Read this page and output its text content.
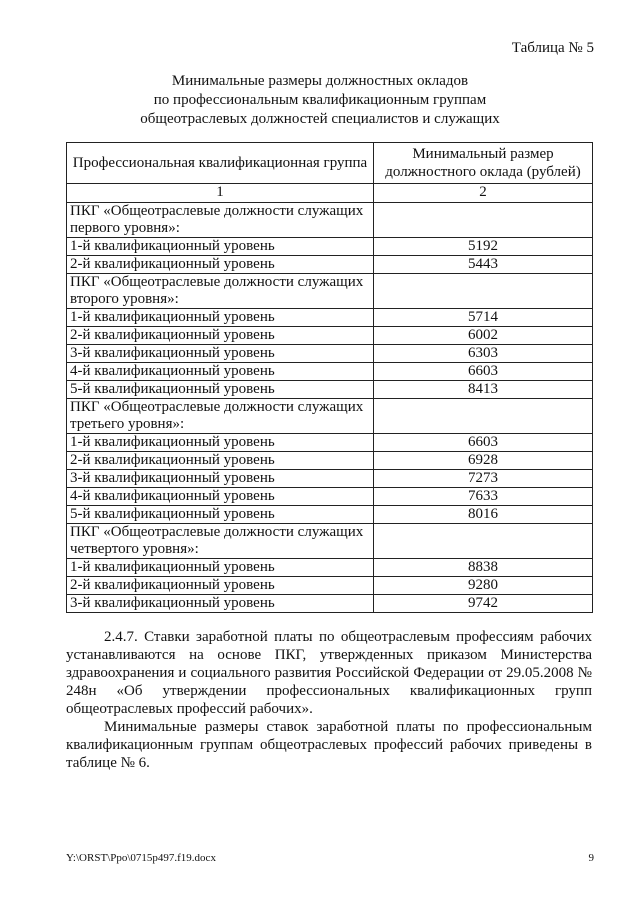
Таблица № 5
Минимальные размеры должностных окладов
по профессиональным квалификационным группам
общеотраслевых должностей специалистов и служащих
Профессиональная квалификационная группа	Минимальный размер должностного оклада (рублей)
1	2
ПКГ «Общеотраслевые должности служащих первого уровня»:	
1-й квалификационный уровень	5192
2-й квалификационный уровень	5443
ПКГ «Общеотраслевые должности служащих второго уровня»:	
1-й квалификационный уровень	5714
2-й квалификационный уровень	6002
3-й квалификационный уровень	6303
4-й квалификационный уровень	6603
5-й квалификационный уровень	8413
ПКГ «Общеотраслевые должности служащих третьего уровня»:	
1-й квалификационный уровень	6603
2-й квалификационный уровень	6928
3-й квалификационный уровень	7273
4-й квалификационный уровень	7633
5-й квалификационный уровень	8016
ПКГ «Общеотраслевые должности служащих четвертого уровня»:	
1-й квалификационный уровень	8838
2-й квалификационный уровень	9280
3-й квалификационный уровень	9742

2.4.7. Ставки заработной платы по общеотраслевым профессиям рабочих устанавливаются на основе ПКГ, утвержденных приказом Министерства здравоохранения и социального развития Российской Федерации от 29.05.2008 № 248н «Об утверждении профессиональных квалификационных групп общеотраслевых профессий рабочих».

Минимальные размеры ставок заработной платы по профессиональным квалификационным группам общеотраслевых профессий рабочих приведены в таблице № 6.

Y:\ORST\Ppo\0715p497.f19.docx	9
